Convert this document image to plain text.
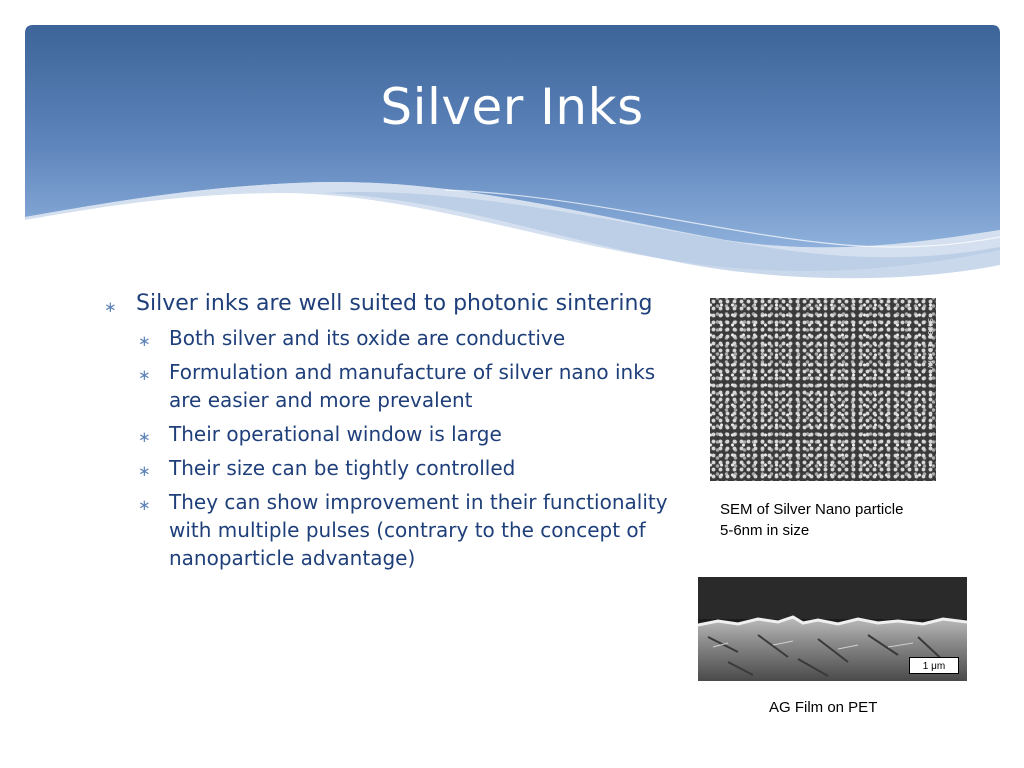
Silver Inks
∗ Silver inks are well suited to photonic sintering
∗ Both silver and its oxide are conductive
∗ Formulation and manufacture of silver nano inks are easier and more prevalent
∗ Their operational window is large
∗ Their size can be tightly controlled
∗ They can show improvement in their functionality with multiple pulses (contrary to the concept of nanoparticle advantage)
S4800 10.0kV
SEM of Silver Nano particle
5-6nm in size
1 μm
AG Film on PET
